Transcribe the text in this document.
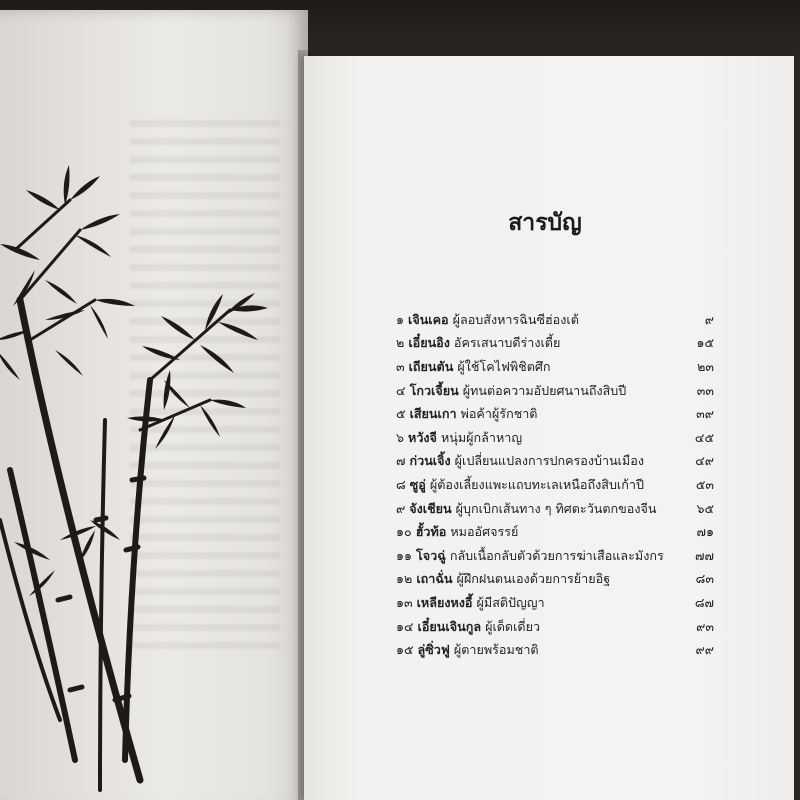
สารบัญ
๑ เจินเคอ ผู้ลอบสังหารฉินซีฮ่องเต้	๙
๒ เอี๋ยนอิง อัครเสนาบดีร่างเตี้ย	๑๕
๓ เถียนตัน ผู้ใช้โคไฟพิชิตศึก	๒๓
๔ โกวเจี้ยน ผู้ทนต่อความอัปยศนานถึงสิบปี	๓๓
๕ เสียนเกา พ่อค้าผู้รักชาติ	๓๙
๖ หวังจี หนุ่มผู้กล้าหาญ	๔๕
๗ ก่วนเจิ้ง ผู้เปลี่ยนแปลงการปกครองบ้านเมือง	๔๙
๘ ซูอู่ ผู้ต้องเลี้ยงแพะแถบทะเลเหนือถึงสิบเก้าปี	๕๓
๙ จังเชียน ผู้บุกเบิกเส้นทาง ๆ ทิศตะวันตกของจีน	๖๕
๑๐ ฮั้วท้อ หมออัศจรรย์	๗๑
๑๑ โจวฉู่ กลับเนื้อกลับตัวด้วยการฆ่าเสือและมังกร	๗๗
๑๒ เถาฉั่น ผู้ฝึกฝนตนเองด้วยการย้ายอิฐ	๘๓
๑๓ เหลียงหงอี้ ผู้มีสติปัญญา	๘๗
๑๔ เอี๋ยนเจินกูล ผู้เด็ดเดี่ยว	๙๓
๑๕ ลู่ซิ่วฟู ผู้ตายพร้อมชาติ	๙๙
